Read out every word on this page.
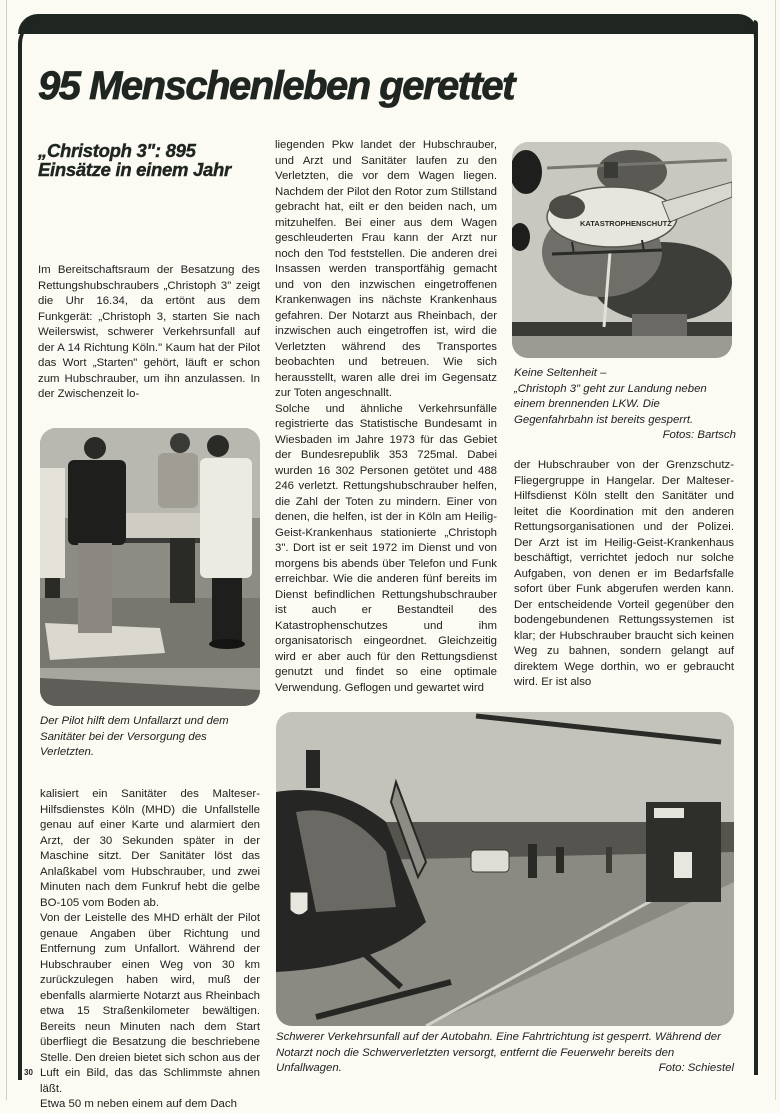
95 Menschenleben gerettet
„Christoph 3": 895 Einsätze in einem Jahr

Im Bereitschaftsraum der Besatzung des Rettungshubschraubers „Christoph 3" zeigt die Uhr 16.34, da ertönt aus dem Funkgerät: „Christoph 3, starten Sie nach Weilerswist, schwerer Verkehrsunfall auf der A 14 Richtung Köln." Kaum hat der Pilot das Wort „Starten" gehört, läuft er schon zum Hubschrauber, um ihn anzulassen. In der Zwischenzeit lo-

Der Pilot hilft dem Unfallarzt und dem Sanitäter bei der Versorgung des Verletzten.

kalisiert ein Sanitäter des Malteser-Hilfsdienstes Köln (MHD) die Unfallstelle genau auf einer Karte und alarmiert den Arzt, der 30 Sekunden später in der Maschine sitzt. Der Sanitäter löst das Anlaßkabel vom Hubschrauber, und zwei Minuten nach dem Funkruf hebt die gelbe BO-105 vom Boden ab.

Von der Leistelle des MHD erhält der Pilot genaue Angaben über Richtung und Entfernung zum Unfallort. Während der Hubschrauber einen Weg von 30 km zurückzulegen haben wird, muß der ebenfalls alarmierte Notarzt aus Rheinbach etwa 15 Straßenkilometer bewältigen. Bereits neun Minuten nach dem Start überfliegt die Besatzung die beschriebene Stelle. Den dreien bietet sich schon aus der Luft ein Bild, das das Schlimmste ahnen läßt.

Etwa 50 m neben einem auf dem Dach

30

liegenden Pkw landet der Hubschrauber, und Arzt und Sanitäter laufen zu den Verletzten, die vor dem Wagen liegen. Nachdem der Pilot den Rotor zum Stillstand gebracht hat, eilt er den beiden nach, um mitzuhelfen. Bei einer aus dem Wagen geschleuderten Frau kann der Arzt nur noch den Tod feststellen. Die anderen drei Insassen werden transportfähig gemacht und von den inzwischen eingetroffenen Krankenwagen ins nächste Krankenhaus gefahren. Der Notarzt aus Rheinbach, der inzwischen auch eingetroffen ist, wird die Verletzten während des Transportes beobachten und betreuen. Wie sich herausstellt, waren alle drei im Gegensatz zur Toten angeschnallt.

Solche und ähnliche Verkehrsunfälle registrierte das Statistische Bundesamt in Wiesbaden im Jahre 1973 für das Gebiet der Bundesrepublik 353 725mal. Dabei wurden 16 302 Personen getötet und 488 246 verletzt. Rettungshubschrauber helfen, die Zahl der Toten zu mindern. Einer von denen, die helfen, ist der in Köln am Heilig-Geist-Krankenhaus stationierte „Christoph 3". Dort ist er seit 1972 im Dienst und von morgens bis abends über Telefon und Funk erreichbar. Wie die anderen fünf bereits im Dienst befindlichen Rettungshubschrauber ist auch er Bestandteil des Katastrophenschutzes und ihm organisatorisch eingeordnet. Gleichzeitig wird er aber auch für den Rettungsdienst genutzt und findet so eine optimale Verwendung. Geflogen und gewartet wird

KATASTROPHENSCHUTZ
Keine Seltenheit –
„Christoph 3" geht zur Landung neben einem brennenden LKW. Die Gegenfahrbahn ist bereits gesperrt.
Fotos: Bartsch

der Hubschrauber von der Grenzschutz-Fliegergruppe in Hangelar. Der Malteser-Hilfsdienst Köln stellt den Sanitäter und leitet die Koordination mit den anderen Rettungsorganisationen und der Polizei. Der Arzt ist im Heilig-Geist-Krankenhaus beschäftigt, verrichtet jedoch nur solche Aufgaben, von denen er im Bedarfsfalle sofort über Funk abgerufen werden kann. Der entscheidende Vorteil gegenüber den bodengebundenen Rettungssystemen ist klar; der Hubschrauber braucht sich keinen Weg zu bahnen, sondern gelangt auf direktem Wege dorthin, wo er gebraucht wird. Er ist also

Schwerer Verkehrsunfall auf der Autobahn. Eine Fahrtrichtung ist gesperrt. Während der Notarzt noch die Schwerverletzten versorgt, entfernt die Feuerwehr bereits den Unfallwagen.	Foto: Schiestel
